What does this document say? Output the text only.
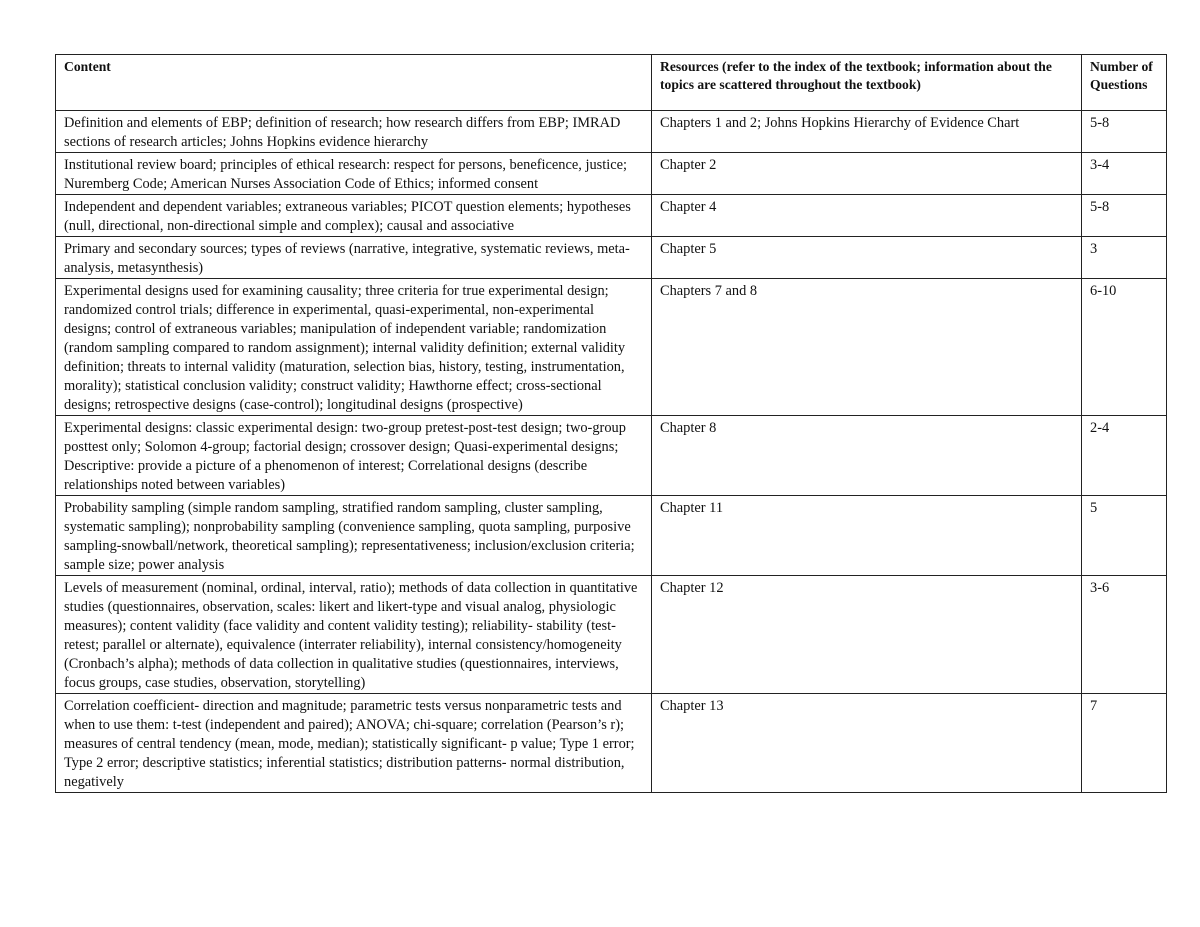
Content	Resources (refer to the index of the textbook; information about the topics are scattered throughout the textbook)	Number of Questions
Definition and elements of EBP; definition of research; how research differs from EBP; IMRAD sections of research articles; Johns Hopkins evidence hierarchy	Chapters 1 and 2; Johns Hopkins Hierarchy of Evidence Chart	5-8
Institutional review board; principles of ethical research: respect for persons, beneficence, justice; Nuremberg Code; American Nurses Association Code of Ethics; informed consent	Chapter 2	3-4
Independent and dependent variables; extraneous variables; PICOT question elements; hypotheses (null, directional, non-directional simple and complex); causal and associative	Chapter 4	5-8
Primary and secondary sources; types of reviews (narrative, integrative, systematic reviews, meta-analysis, metasynthesis)	Chapter 5	3
Experimental designs used for examining causality; three criteria for true experimental design; randomized control trials; difference in experimental, quasi-experimental, non-experimental designs; control of extraneous variables; manipulation of independent variable; randomization (random sampling compared to random assignment); internal validity definition; external validity definition; threats to internal validity (maturation, selection bias, history, testing, instrumentation, morality); statistical conclusion validity; construct validity; Hawthorne effect; cross-sectional designs; retrospective designs (case-control); longitudinal designs (prospective)	Chapters 7 and 8	6-10
Experimental designs: classic experimental design: two-group pretest-post-test design; two-group posttest only; Solomon 4-group; factorial design; crossover design; Quasi-experimental designs; Descriptive: provide a picture of a phenomenon of interest; Correlational designs (describe relationships noted between variables)	Chapter 8	2-4
Probability sampling (simple random sampling, stratified random sampling, cluster sampling, systematic sampling); nonprobability sampling (convenience sampling, quota sampling, purposive sampling-snowball/network, theoretical sampling); representativeness; inclusion/exclusion criteria; sample size; power analysis	Chapter 11	5
Levels of measurement (nominal, ordinal, interval, ratio); methods of data collection in quantitative studies (questionnaires, observation, scales: likert and likert-type and visual analog, physiologic measures); content validity (face validity and content validity testing); reliability- stability (test-retest; parallel or alternate), equivalence (interrater reliability), internal consistency/homogeneity (Cronbach’s alpha); methods of data collection in qualitative studies (questionnaires, interviews, focus groups, case studies, observation, storytelling)	Chapter 12	3-6
Correlation coefficient- direction and magnitude; parametric tests versus nonparametric tests and when to use them: t-test (independent and paired); ANOVA; chi-square; correlation (Pearson’s r); measures of central tendency (mean, mode, median); statistically significant- p value; Type 1 error; Type 2 error; descriptive statistics; inferential statistics; distribution patterns- normal distribution, negatively	Chapter 13	7
